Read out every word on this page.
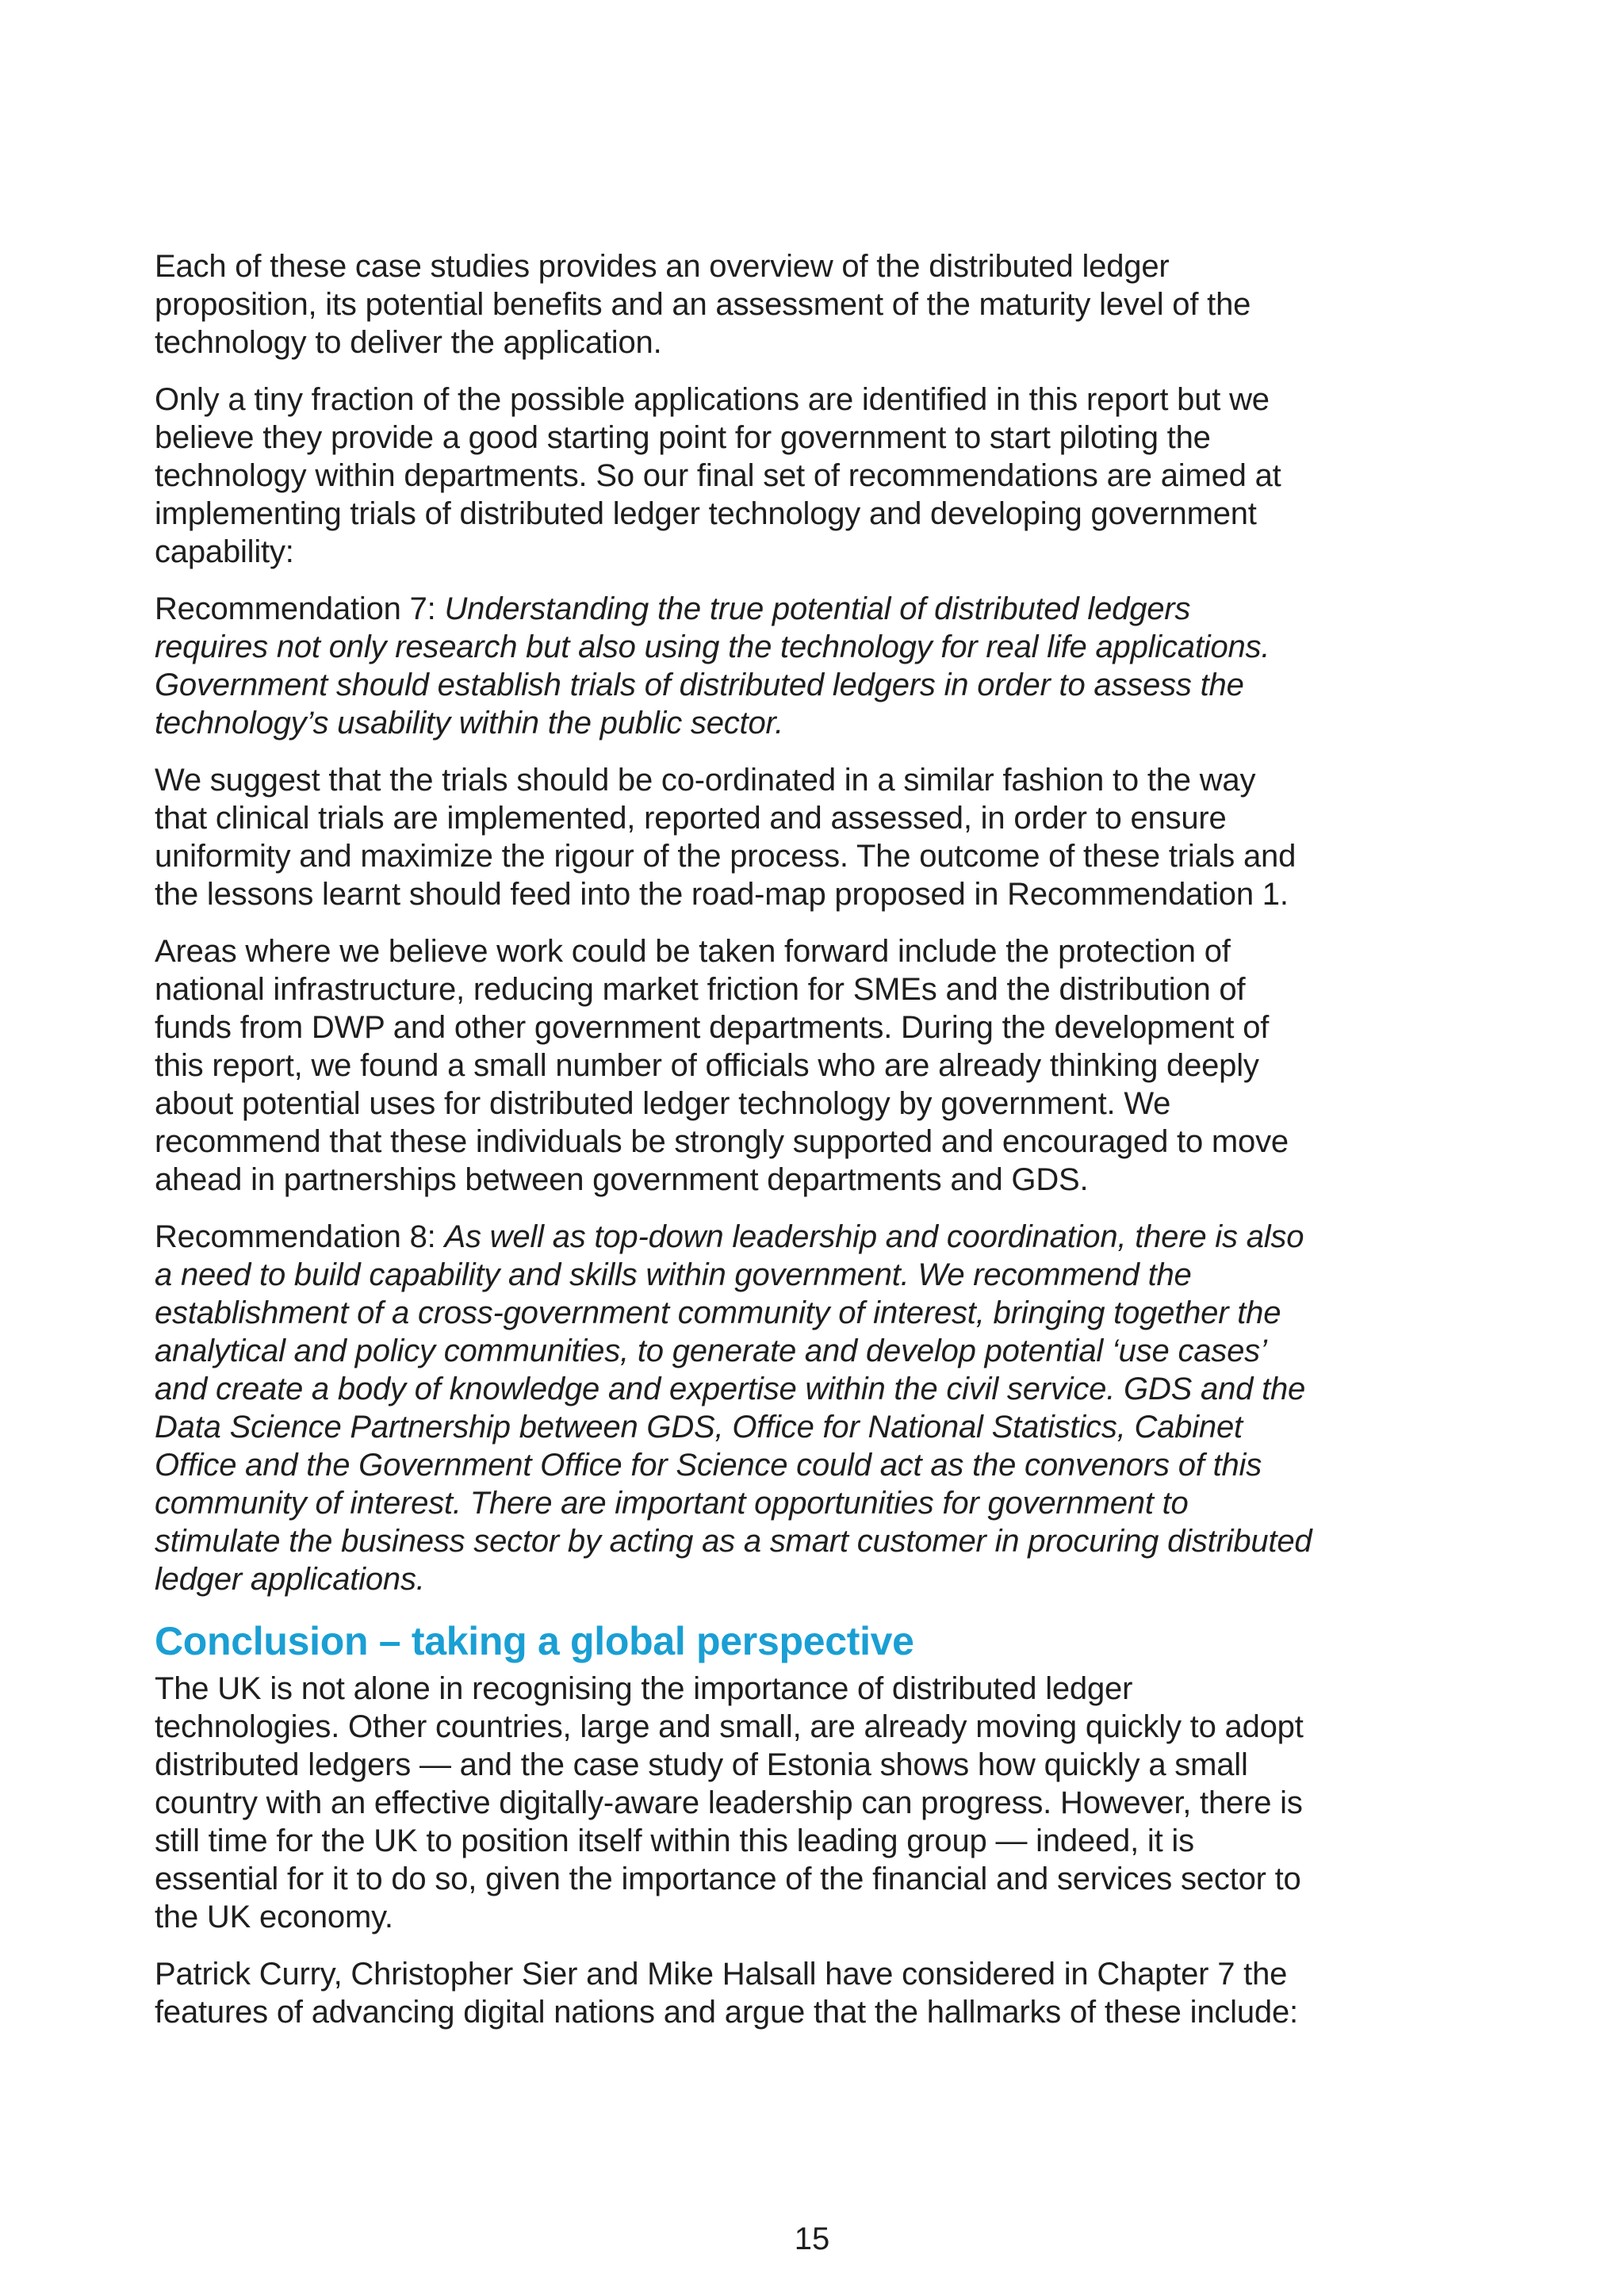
Each of these case studies provides an overview of the distributed ledger proposition, its potential benefits and an assessment of the maturity level of the technology to deliver the application.

Only a tiny fraction of the possible applications are identified in this report but we believe they provide a good starting point for government to start piloting the technology within departments. So our final set of recommendations are aimed at implementing trials of distributed ledger technology and developing government capability:

Recommendation 7: Understanding the true potential of distributed ledgers requires not only research but also using the technology for real life applications. Government should establish trials of distributed ledgers in order to assess the technology’s usability within the public sector.

We suggest that the trials should be co-ordinated in a similar fashion to the way that clinical trials are implemented, reported and assessed, in order to ensure uniformity and maximize the rigour of the process. The outcome of these trials and the lessons learnt should feed into the road-map proposed in Recommendation 1.

Areas where we believe work could be taken forward include the protection of national infrastructure, reducing market friction for SMEs and the distribution of funds from DWP and other government departments. During the development of this report, we found a small number of officials who are already thinking deeply about potential uses for distributed ledger technology by government. We recommend that these individuals be strongly supported and encouraged to move ahead in partnerships between government departments and GDS.

Recommendation 8: As well as top-down leadership and coordination, there is also a need to build capability and skills within government. We recommend the establishment of a cross-government community of interest, bringing together the analytical and policy communities, to generate and develop potential ‘use cases’ and create a body of knowledge and expertise within the civil service. GDS and the Data Science Partnership between GDS, Office for National Statistics, Cabinet Office and the Government Office for Science could act as the convenors of this community of interest. There are important opportunities for government to stimulate the business sector by acting as a smart customer in procuring distributed ledger applications.

Conclusion – taking a global perspective

The UK is not alone in recognising the importance of distributed ledger technologies. Other countries, large and small, are already moving quickly to adopt distributed ledgers — and the case study of Estonia shows how quickly a small country with an effective digitally-aware leadership can progress. However, there is still time for the UK to position itself within this leading group — indeed, it is essential for it to do so, given the importance of the financial and services sector to the UK economy.

Patrick Curry, Christopher Sier and Mike Halsall have considered in Chapter 7 the features of advancing digital nations and argue that the hallmarks of these include:

15
